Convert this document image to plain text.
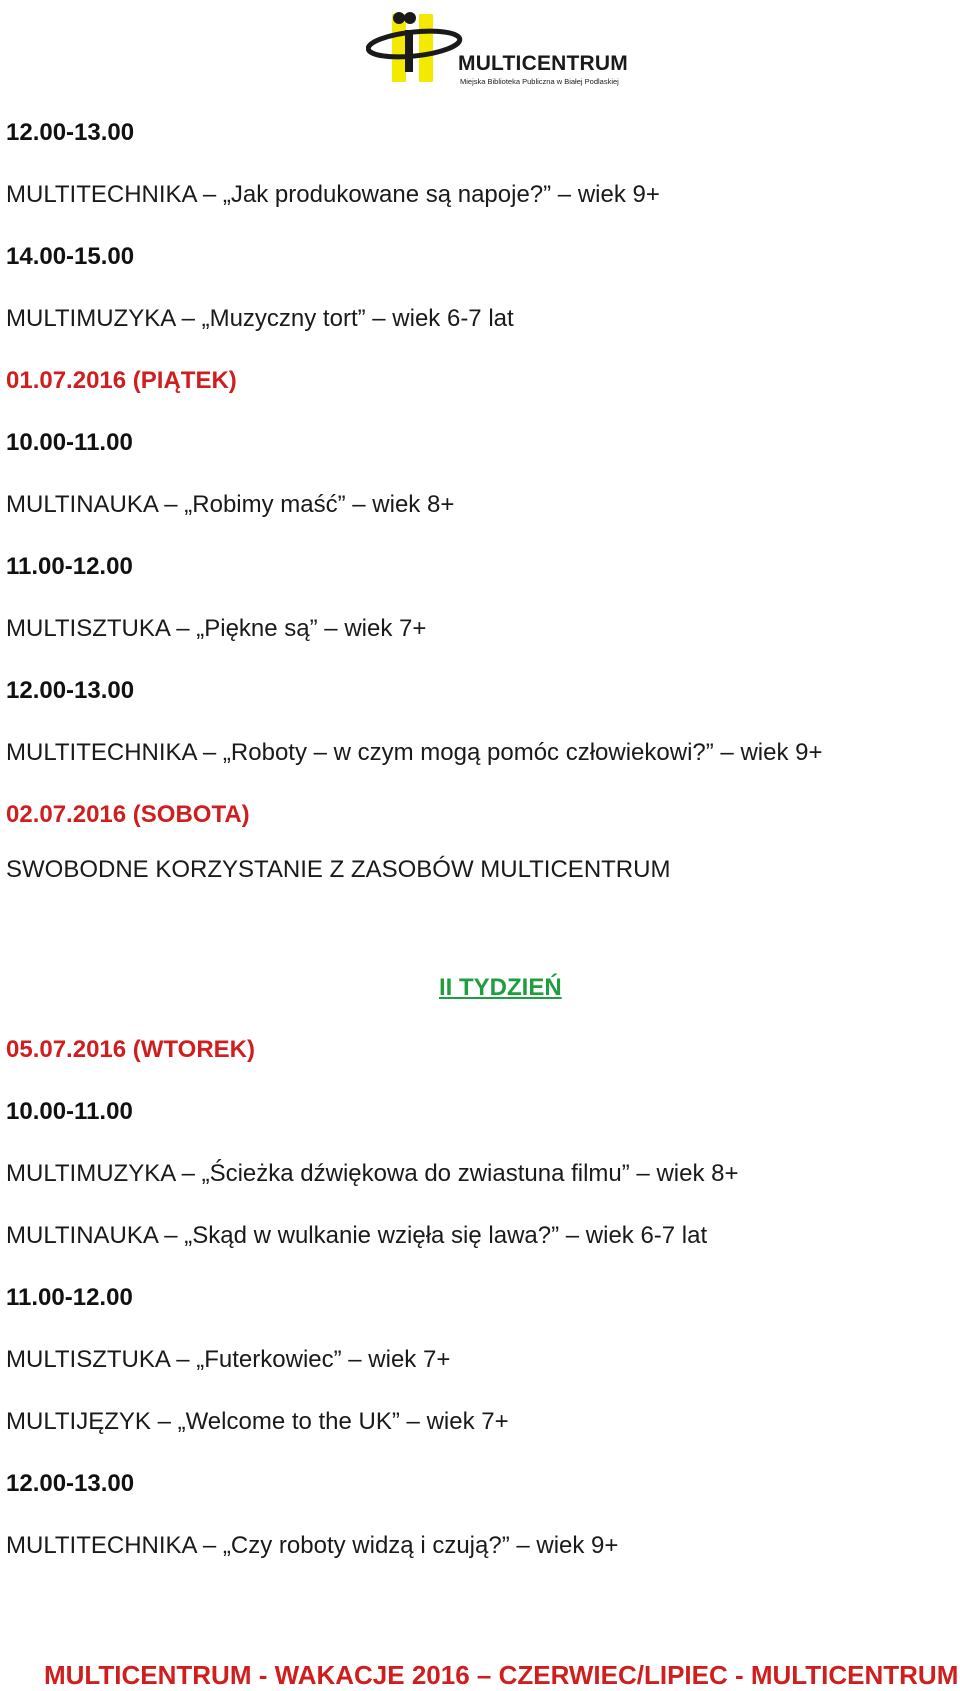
MULTICENTRUM
Miejska Biblioteka Publiczna w Białej Podlaskiej
12.00-13.00
MULTITECHNIKA – „Jak produkowane są napoje?” – wiek 9+
14.00-15.00
MULTIMUZYKA – „Muzyczny tort” – wiek 6-7 lat
01.07.2016 (PIĄTEK)
10.00-11.00
MULTINAUKA – „Robimy maść” – wiek 8+
11.00-12.00
MULTISZTUKA – „Piękne są” – wiek 7+
12.00-13.00
MULTITECHNIKA – „Roboty – w czym mogą pomóc człowiekowi?” – wiek 9+
02.07.2016 (SOBOTA)
SWOBODNE KORZYSTANIE Z ZASOBÓW MULTICENTRUM
II TYDZIEŃ
05.07.2016 (WTOREK)
10.00-11.00
MULTIMUZYKA – „Ścieżka dźwiękowa do zwiastuna filmu” – wiek 8+
MULTINAUKA – „Skąd w wulkanie wzięła się lawa?” – wiek 6-7 lat
11.00-12.00
MULTISZTUKA – „Futerkowiec” – wiek 7+
MULTIJĘZYK – „Welcome to the UK” – wiek 7+
12.00-13.00
MULTITECHNIKA – „Czy roboty widzą i czują?” – wiek 9+
MULTICENTRUM - WAKACJE 2016 – CZERWIEC/LIPIEC - MULTICENTRUM
